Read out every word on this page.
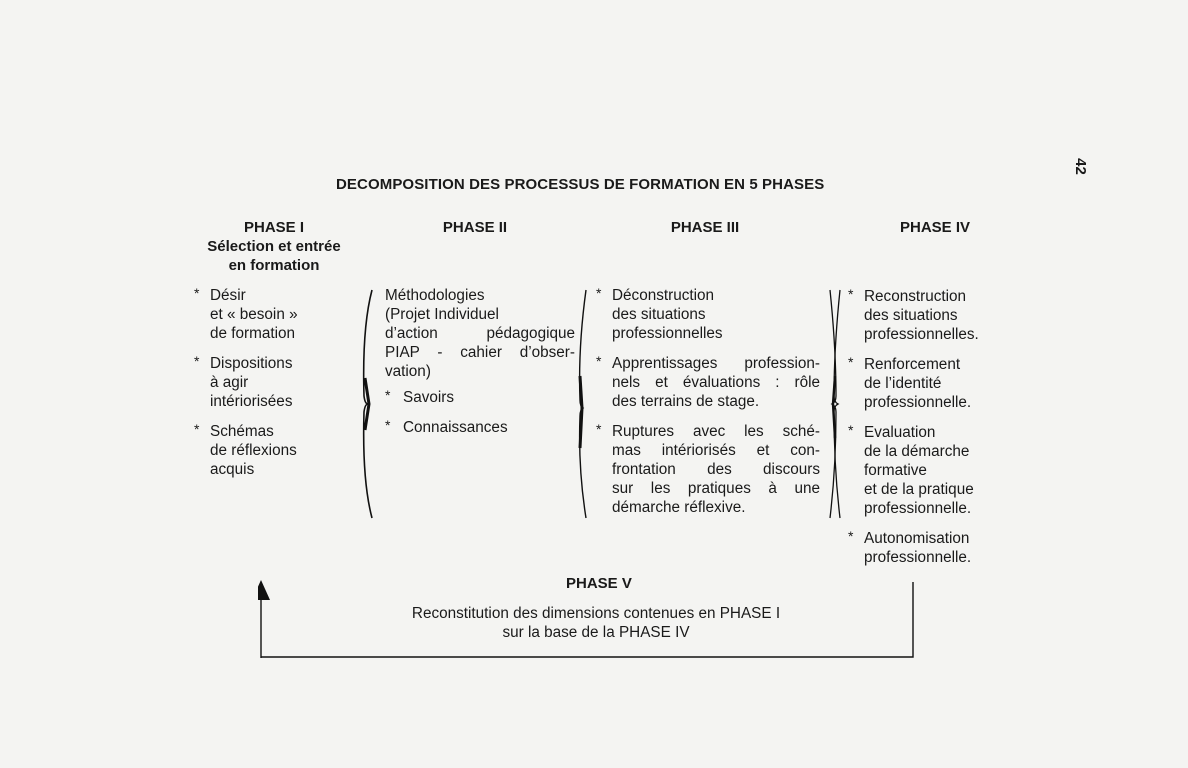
42
DECOMPOSITION DES PROCESSUS DE FORMATION EN 5 PHASES
PHASE I
Sélection et entrée
en formation
PHASE II	PHASE III	PHASE IV
* Désir
et « besoin »
de formation
* Dispositions
à agir
intériorisées
* Schémas
de réflexions
acquis
Méthodologies
(Projet Individuel
d’action pédagogique
PIAP - cahier d’obser-
vation)
* Savoirs
* Connaissances
* Déconstruction
des situations
professionnelles
* Apprentissages profession-
nels et évaluations : rôle
des terrains de stage.
* Ruptures avec les sché-
mas intériorisés et con-
frontation des discours
sur les pratiques à une
démarche réflexive.
* Reconstruction
des situations
professionnelles.
* Renforcement
de l’identité
professionnelle.
* Evaluation
de la démarche
formative
et de la pratique
professionnelle.
* Autonomisation
professionnelle.
PHASE V
Reconstitution des dimensions contenues en PHASE I
sur la base de la PHASE IV
